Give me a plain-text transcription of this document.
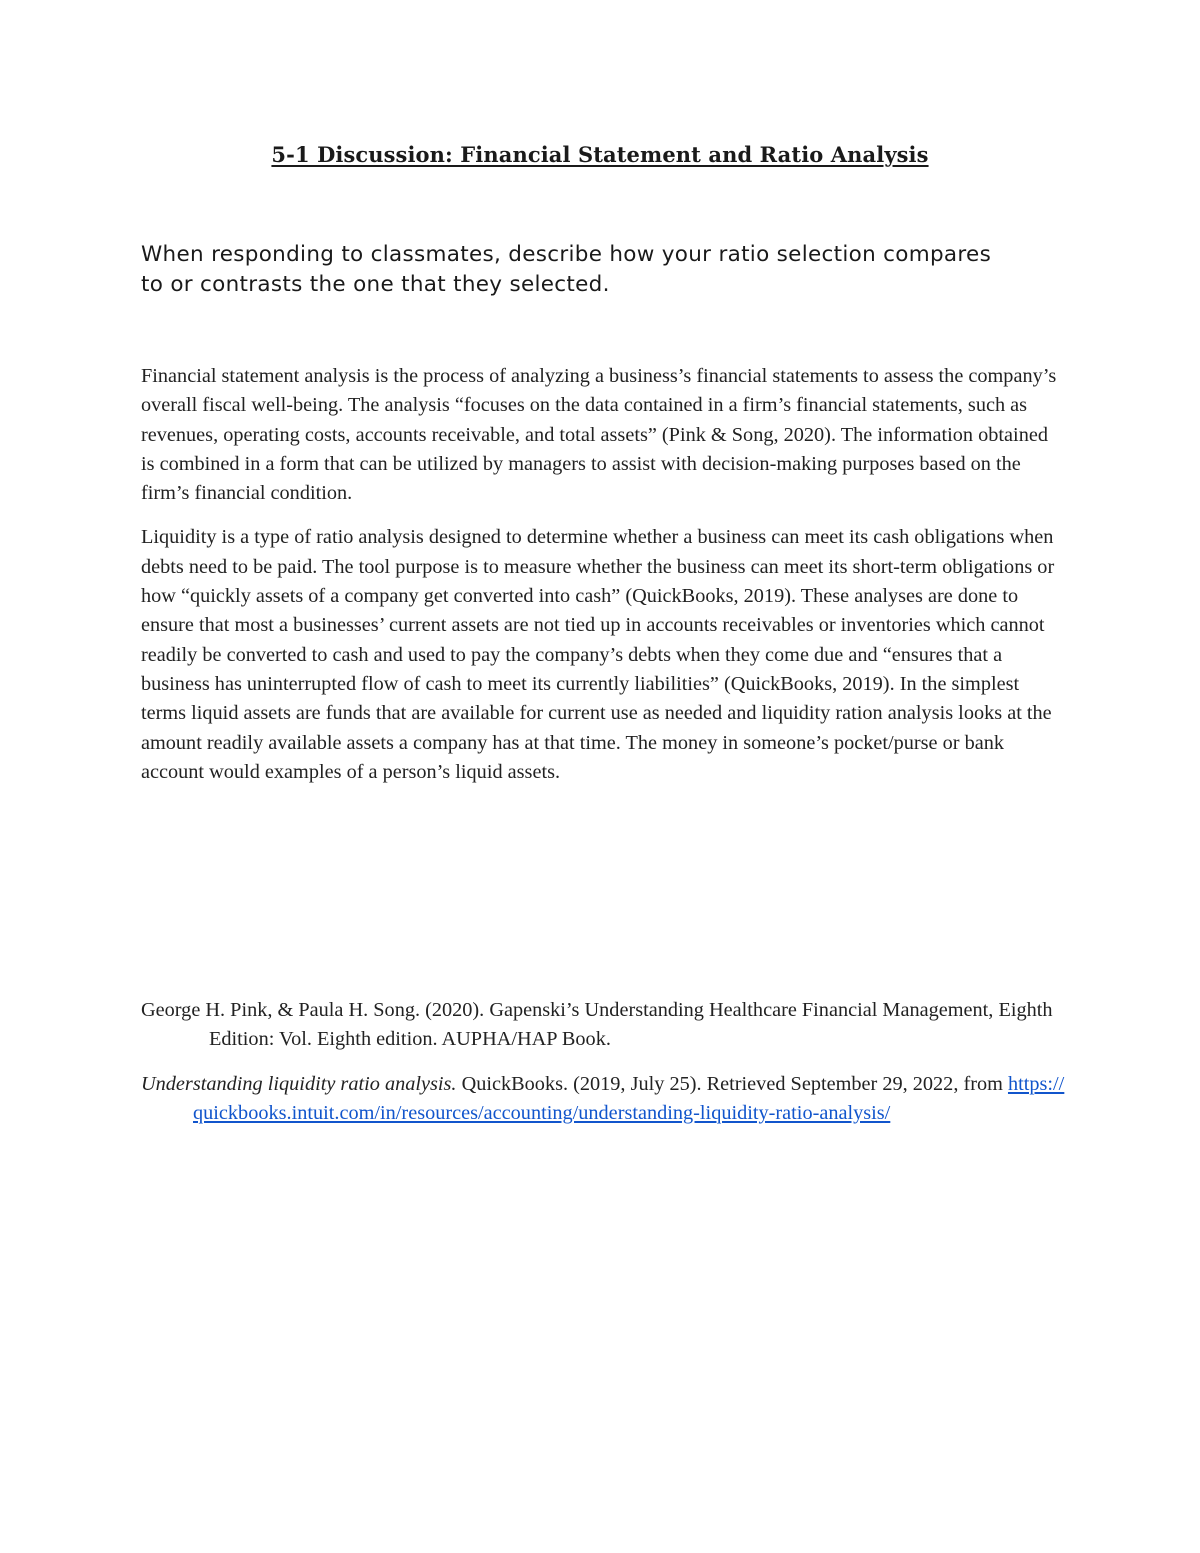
5-1 Discussion: Financial Statement and Ratio Analysis
When responding to classmates, describe how your ratio selection compares to or contrasts the one that they selected.

Financial statement analysis is the process of analyzing a business’s financial statements to assess the company’s overall fiscal well-being. The analysis “focuses on the data contained in a firm’s financial statements, such as revenues, operating costs, accounts receivable, and total assets” (Pink & Song, 2020). The information obtained is combined in a form that can be utilized by managers to assist with decision-making purposes based on the firm’s financial condition.

Liquidity is a type of ratio analysis designed to determine whether a business can meet its cash obligations when debts need to be paid. The tool purpose is to measure whether the business can meet its short-term obligations or how “quickly assets of a company get converted into cash” (QuickBooks, 2019). These analyses are done to ensure that most a businesses’ current assets are not tied up in accounts receivables or inventories which cannot readily be converted to cash and used to pay the company’s debts when they come due and “ensures that a business has uninterrupted flow of cash to meet its currently liabilities” (QuickBooks, 2019). In the simplest terms liquid assets are funds that are available for current use as needed and liquidity ration analysis looks at the amount readily available assets a company has at that time. The money in someone’s pocket/purse or bank account would examples of a person’s liquid assets.

George H. Pink, & Paula H. Song. (2020). Gapenski’s Understanding Healthcare Financial Management, Eighth Edition: Vol. Eighth edition. AUPHA/HAP Book.

Understanding liquidity ratio analysis. QuickBooks. (2019, July 25). Retrieved September 29, 2022, from https://quickbooks.intuit.com/in/resources/accounting/understanding-liquidity-ratio-analysis/
